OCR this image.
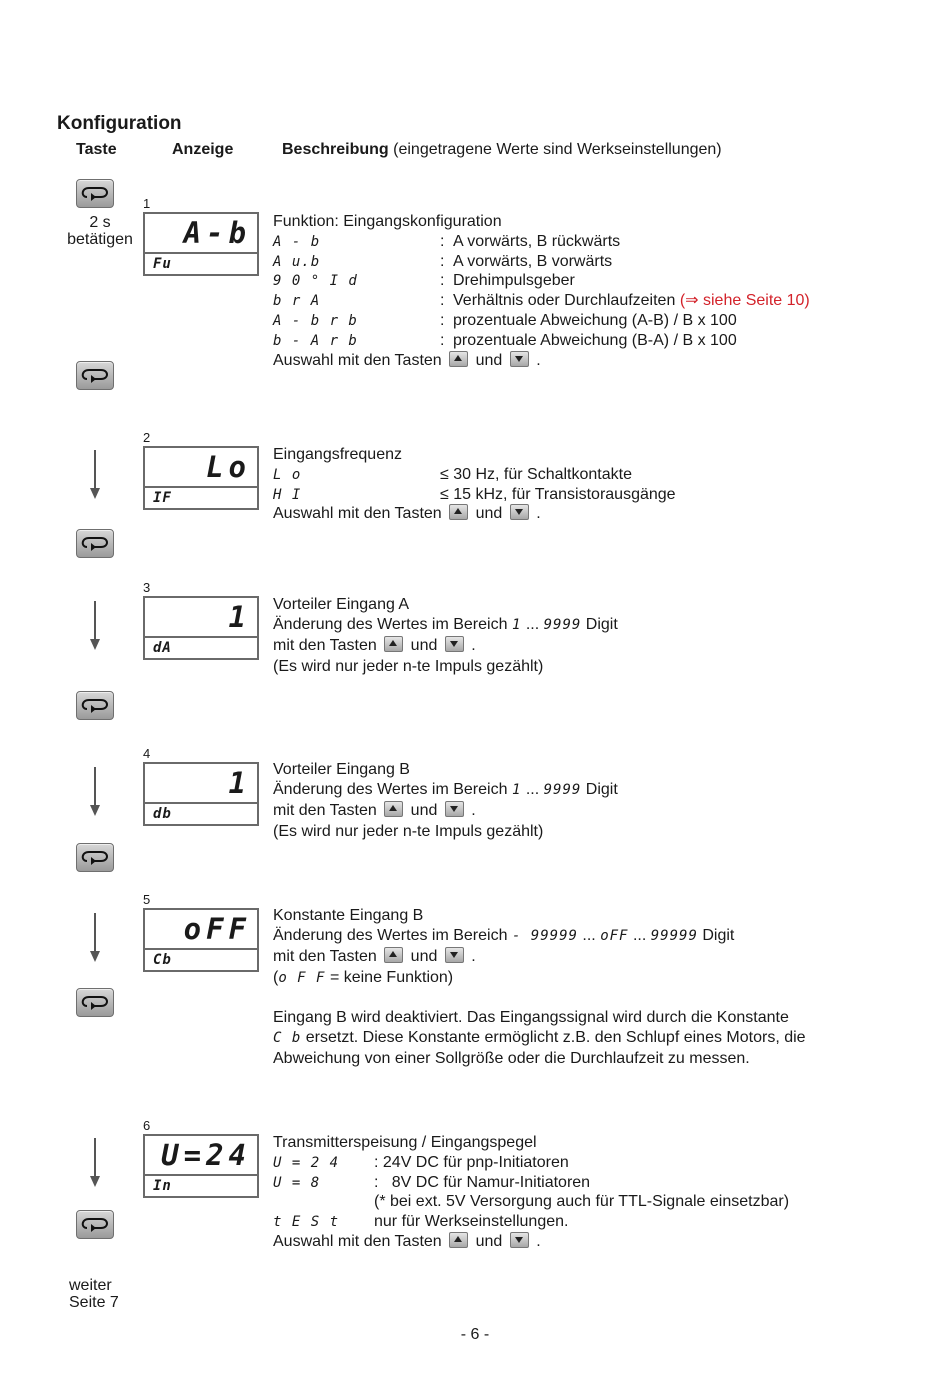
Konfiguration
Taste	Anzeige	Beschreibung (eingetragene Werte sind Werkseinstellungen)
2 s
betätigen
weiter
Seite 7
1
A-b
Fu
2
Lo
IF
3
1
dA
4
1
db
5
oFF
Cb
6
U=24
In
Funktion: Eingangskonfiguration
A - b	: A vorwärts, B rückwärts
A u.b	: A vorwärts, B vorwärts
9 0 ° I d	: Drehimpulsgeber
b r A	: Verhältnis oder Durchlaufzeiten (⇒ siehe Seite 10)
A - b r b	: prozentuale Abweichung (A-B) / B x 100
b - A r b	: prozentuale Abweichung (B-A) / B x 100
Auswahl mit den Tasten und .
Eingangsfrequenz
L o	≤ 30 Hz, für Schaltkontakte
H I	≤ 15 kHz, für Transistorausgänge
Auswahl mit den Tasten und .
Vorteiler Eingang A
Änderung des Wertes im Bereich 1 ... 9999 Digit
mit den Tasten und .
(Es wird nur jeder n-te Impuls gezählt)
Vorteiler Eingang B
Änderung des Wertes im Bereich 1 ... 9999 Digit
mit den Tasten und .
(Es wird nur jeder n-te Impuls gezählt)
Konstante Eingang B
Änderung des Wertes im Bereich - 99999 ... oFF ... 99999 Digit
mit den Tasten und .
(o F F = keine Funktion)
Eingang B wird deaktiviert. Das Eingangssignal wird durch die Konstante
C b ersetzt. Diese Konstante ermöglicht z.B. den Schlupf eines Motors, die
Abweichung von einer Sollgröße oder die Durchlaufzeit zu messen.
Transmitterspeisung / Eingangspegel
U = 2 4 : 24V DC für pnp-Initiatoren
U = 8	:   8V DC für Namur-Initiatoren
(* bei ext. 5V Versorgung auch für TTL-Signale einsetzbar)
t E S t nur für Werkseinstellungen.
Auswahl mit den Tasten und .
- 6 -
